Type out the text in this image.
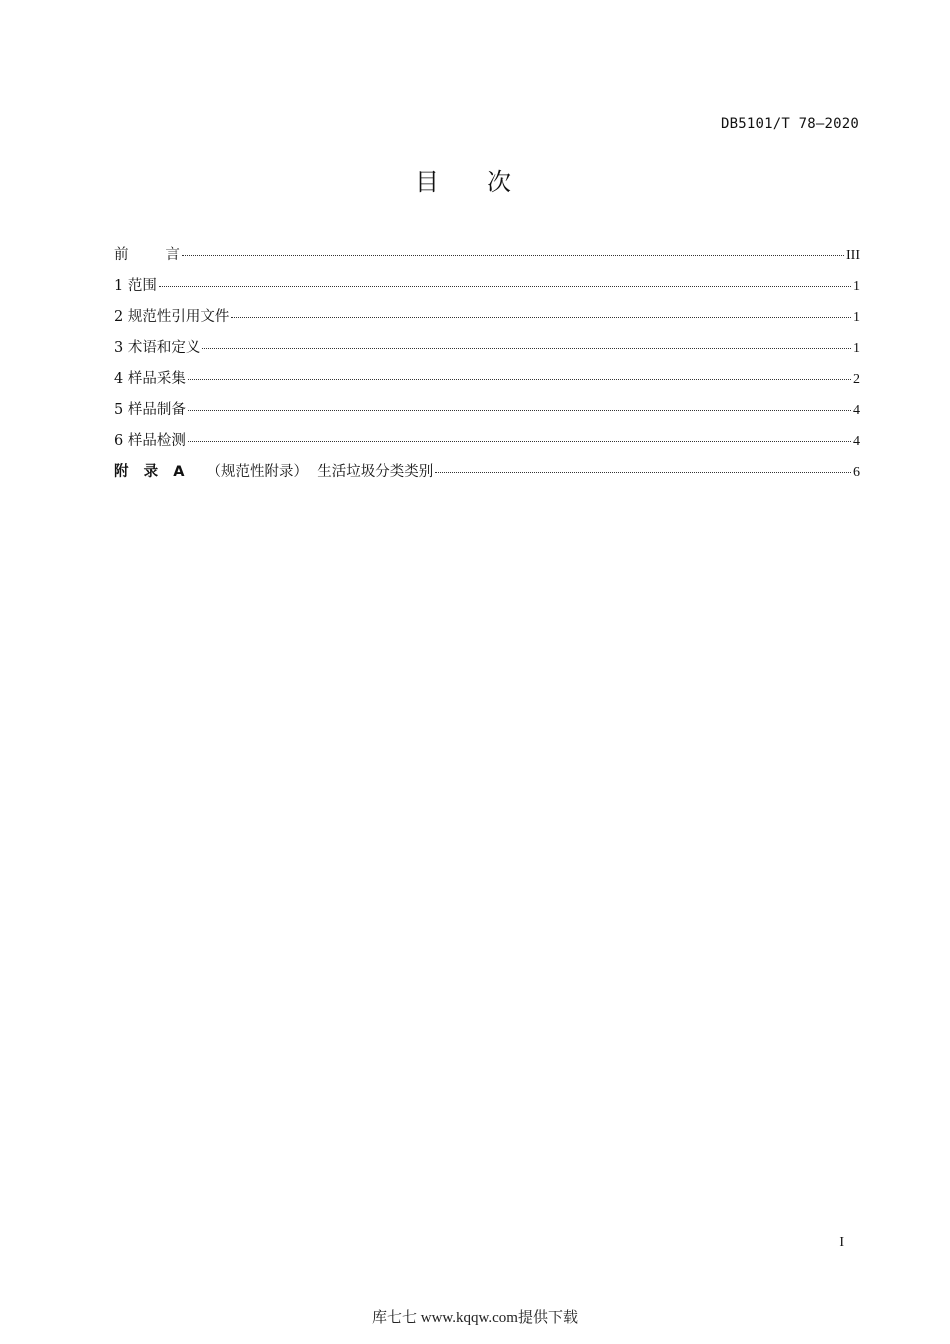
DB5101/T 78—2020
目次
前        言	III
1 范围	1
2 规范性引用文件	1
3 术语和定义	1
4 样品采集	2
5 样品制备	4
6 样品检测	4
附   录   A （规范性附录）  生活垃圾分类类别	6
I
库七七 www.kqqw.com提供下载
